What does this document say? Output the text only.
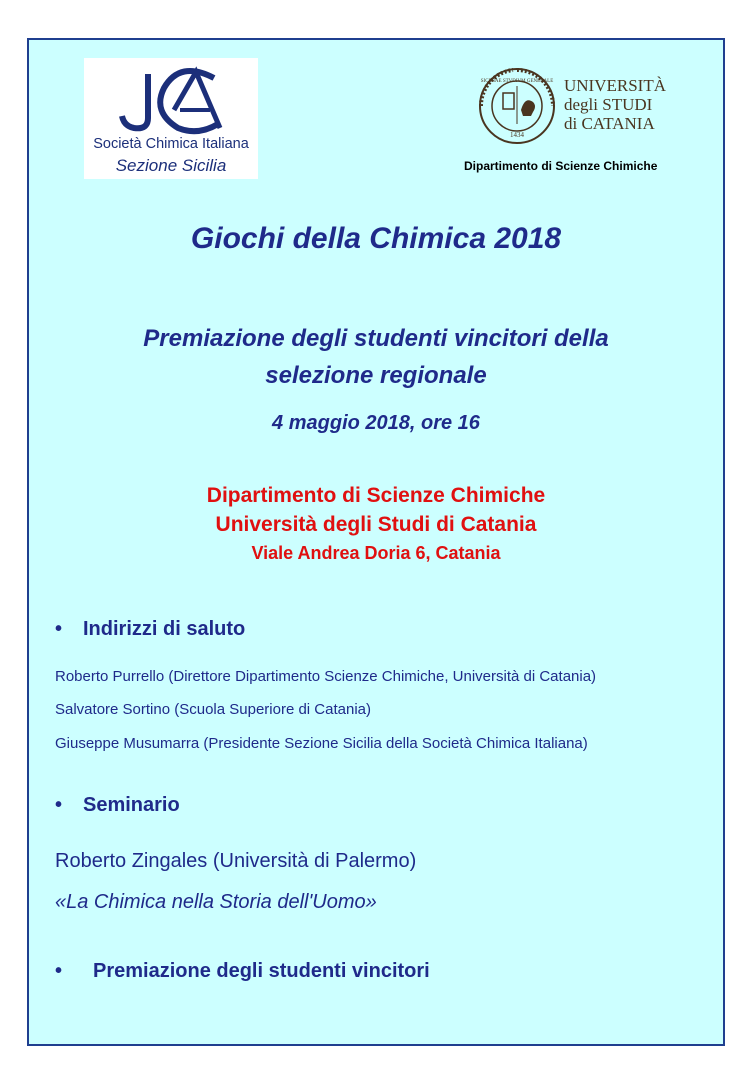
Società Chimica Italiana
Sezione Sicilia
1434
SICILIAE STVDIVM GENERALE UNIVERSITÀ
degli STUDI
di CATANIA
Dipartimento di Scienze Chimiche
Giochi della Chimica 2018
Premiazione degli studenti vincitori della
selezione regionale
4 maggio 2018, ore 16
Dipartimento di Scienze Chimiche
Università degli Studi di Catania
Viale Andrea Doria 6, Catania
• Indirizzi di saluto
Roberto Purrello (Direttore Dipartimento Scienze Chimiche, Università di Catania)
Salvatore Sortino (Scuola Superiore di Catania)
Giuseppe Musumarra (Presidente Sezione Sicilia della Società Chimica Italiana)
• Seminario
Roberto Zingales (Università di Palermo)
«La Chimica nella Storia dell'Uomo»
• Premiazione degli studenti vincitori
